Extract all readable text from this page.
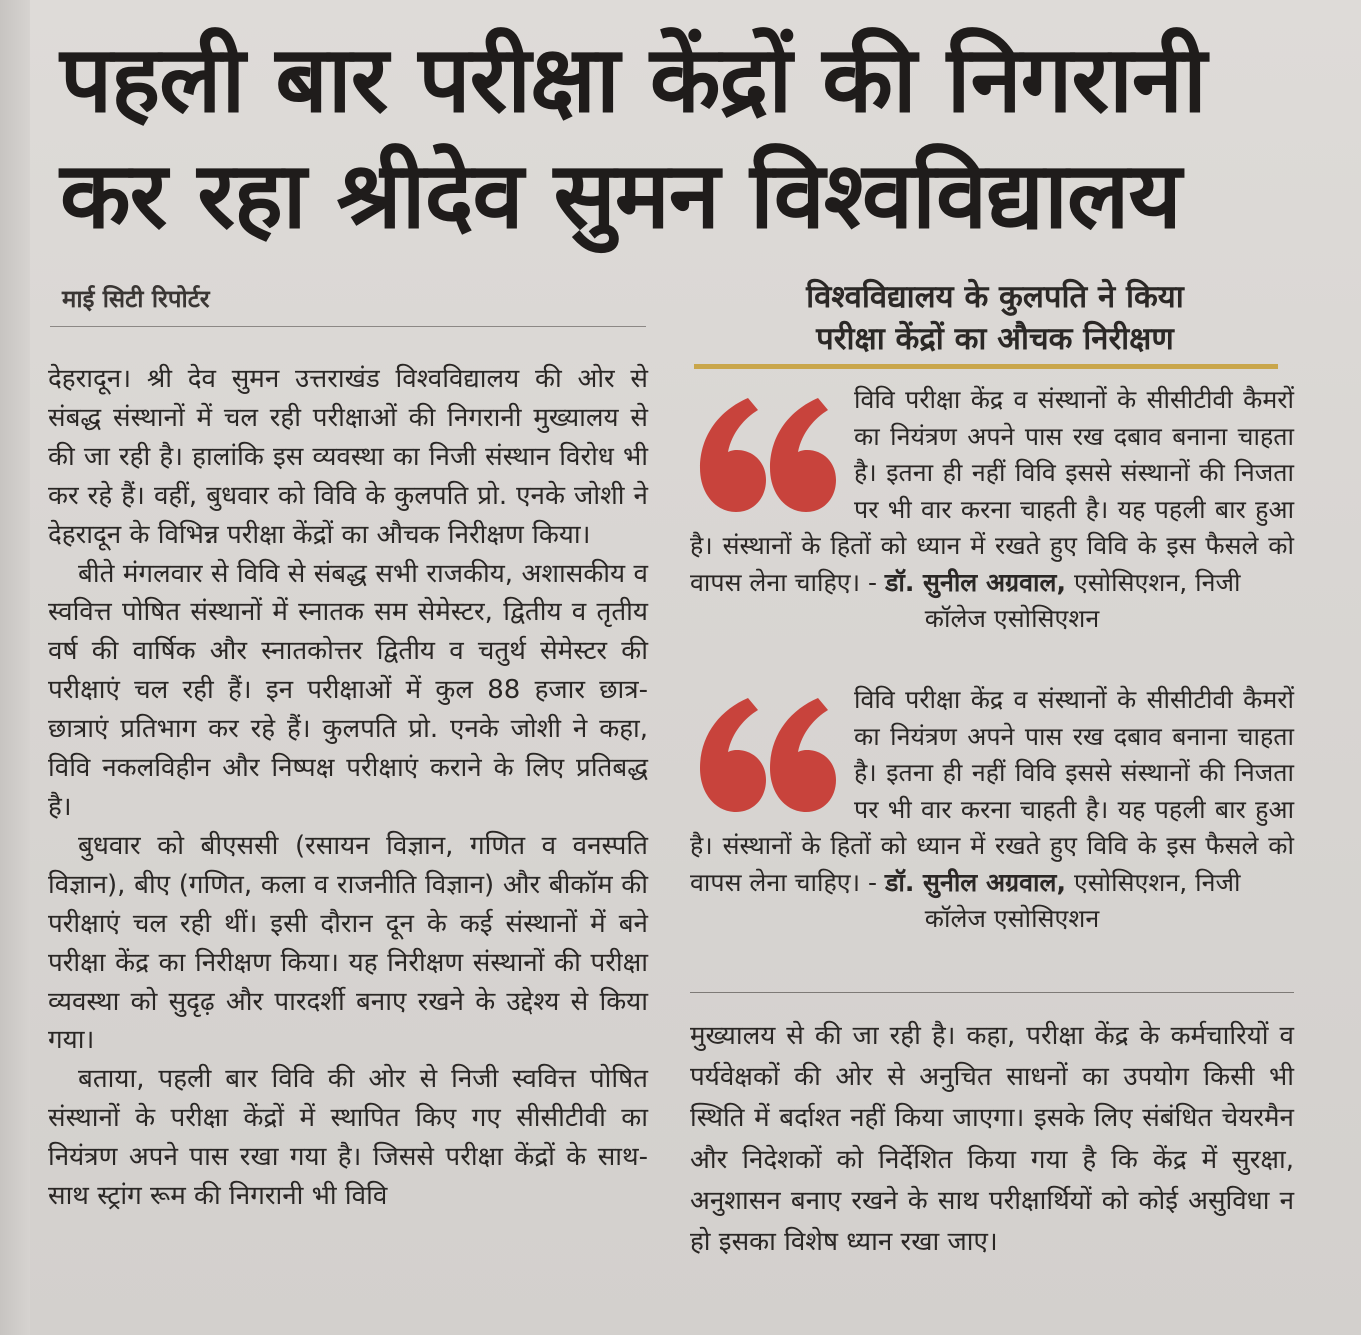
पहली बार परीक्षा केंद्रों की निगरानी
कर रहा श्रीदेव सुमन विश्वविद्यालय
माई सिटी रिपोर्टर

देहरादून। श्री देव सुमन उत्तराखंड विश्वविद्यालय की ओर से संबद्ध संस्थानों में चल रही परीक्षाओं की निगरानी मुख्यालय से की जा रही है। हालांकि इस व्यवस्था का निजी संस्थान विरोध भी कर रहे हैं। वहीं, बुधवार को विवि के कुलपति प्रो. एनके जोशी ने देहरादून के विभिन्न परीक्षा केंद्रों का औचक निरीक्षण किया।

बीते मंगलवार से विवि से संबद्ध सभी राजकीय, अशासकीय व स्ववित्त पोषित संस्थानों में स्नातक सम सेमेस्टर, द्वितीय व तृतीय वर्ष की वार्षिक और स्नातकोत्तर द्वितीय व चतुर्थ सेमेस्टर की परीक्षाएं चल रही हैं। इन परीक्षाओं में कुल 88 हजार छात्र-छात्राएं प्रतिभाग कर रहे हैं। कुलपति प्रो. एनके जोशी ने कहा, विवि नकलविहीन और निष्पक्ष परीक्षाएं कराने के लिए प्रतिबद्ध है।

बुधवार को बीएससी (रसायन विज्ञान, गणित व वनस्पति विज्ञान), बीए (गणित, कला व राजनीति विज्ञान) और बीकॉम की परीक्षाएं चल रही थीं। इसी दौरान दून के कई संस्थानों में बने परीक्षा केंद्र का निरीक्षण किया। यह निरीक्षण संस्थानों की परीक्षा व्यवस्था को सुदृढ़ और पारदर्शी बनाए रखने के उद्देश्य से किया गया।

बताया, पहली बार विवि की ओर से निजी स्ववित्त पोषित संस्थानों के परीक्षा केंद्रों में स्थापित किए गए सीसीटीवी का नियंत्रण अपने पास रखा गया है। जिससे परीक्षा केंद्रों के साथ-साथ स्ट्रांग रूम की निगरानी भी विवि

विश्वविद्यालय के कुलपति ने किया
परीक्षा केंद्रों का औचक निरीक्षण
विवि परीक्षा केंद्र व संस्थानों के सीसीटीवी कैमरों का नियंत्रण अपने पास रख दबाव बनाना चाहता है। इतना ही नहीं विवि इससे संस्थानों की निजता पर भी वार करना चाहती है। यह पहली बार हुआ है। संस्थानों के हितों को ध्यान में रखते हुए विवि के इस फैसले को वापस लेना चाहिए। - डॉ. सुनील अग्रवाल, एसोसिएशन, निजी
कॉलेज एसोसिएशन
विवि परीक्षा केंद्र व संस्थानों के सीसीटीवी कैमरों का नियंत्रण अपने पास रख दबाव बनाना चाहता है। इतना ही नहीं विवि इससे संस्थानों की निजता पर भी वार करना चाहती है। यह पहली बार हुआ है। संस्थानों के हितों को ध्यान में रखते हुए विवि के इस फैसले को वापस लेना चाहिए। - डॉ. सुनील अग्रवाल, एसोसिएशन, निजी
कॉलेज एसोसिएशन

मुख्यालय से की जा रही है। कहा, परीक्षा केंद्र के कर्मचारियों व पर्यवेक्षकों की ओर से अनुचित साधनों का उपयोग किसी भी स्थिति में बर्दाश्त नहीं किया जाएगा। इसके लिए संबंधित चेयरमैन और निदेशकों को निर्देशित किया गया है कि केंद्र में सुरक्षा, अनुशासन बनाए रखने के साथ परीक्षार्थियों को कोई असुविधा न हो इसका विशेष ध्यान रखा जाए।
